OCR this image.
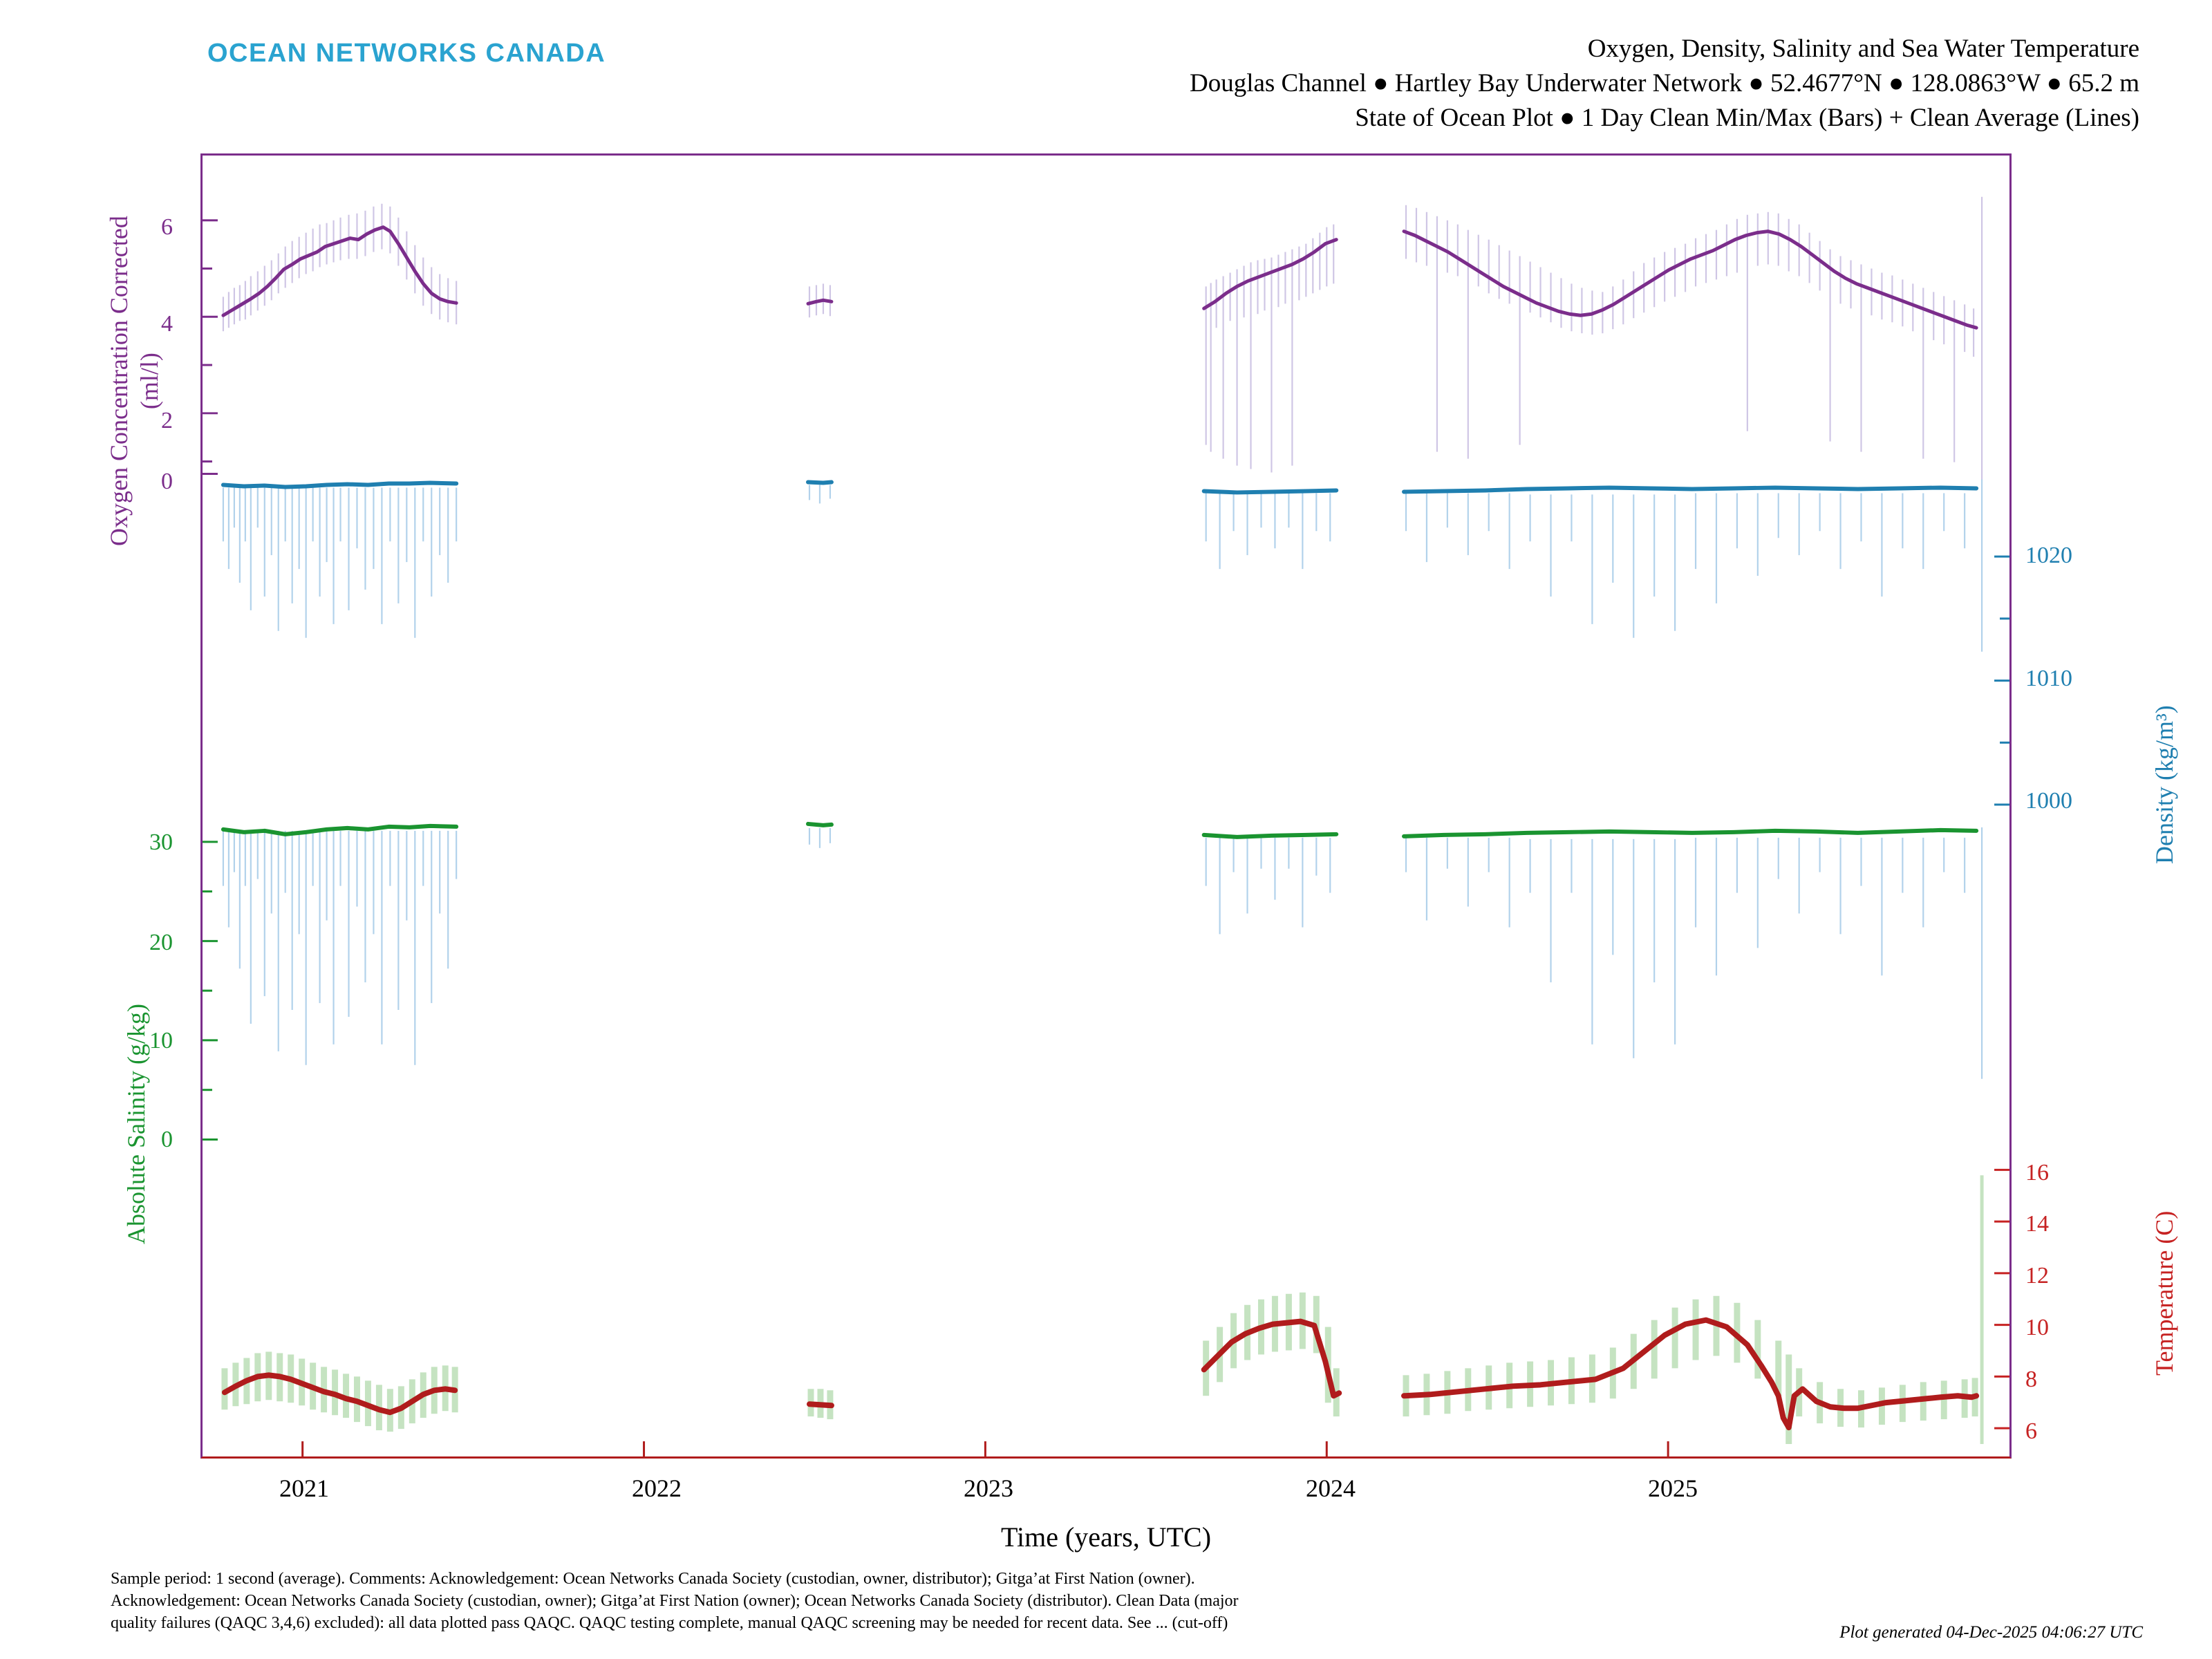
OCEAN NETWORKS CANADA	Oxygen, Density, Salinity and Sea Water Temperature
Douglas Channel ● Hartley Bay Underwater Network ● 52.4677°N ● 128.0863°W ● 65.2 m
State of Ocean Plot ● 1 Day Clean Min/Max (Bars) + Clean Average (Lines)
Oxygen Concentration Corrected (ml/l)
Absolute Salinity (g/kg)
Density (kg/m³)
Temperature (C)
Time (years, UTC)
6
4
2
0
30
20
10
0
1020
1010
1000
16
14
12
10
8
6
2021	2022	2023	2024	2025
Sample period: 1 second (average). Comments: Acknowledgement: Ocean Networks Canada Society (custodian, owner, distributor); Gitga’at First Nation (owner).
Acknowledgement: Ocean Networks Canada Society (custodian, owner); Gitga’at First Nation (owner); Ocean Networks Canada Society (distributor). Clean Data (major
quality failures (QAQC 3,4,6) excluded): all data plotted pass QAQC. QAQC testing complete, manual QAQC screening may be needed for recent data. See ... (cut-off)	Plot generated 04-Dec-2025 04:06:27 UTC
